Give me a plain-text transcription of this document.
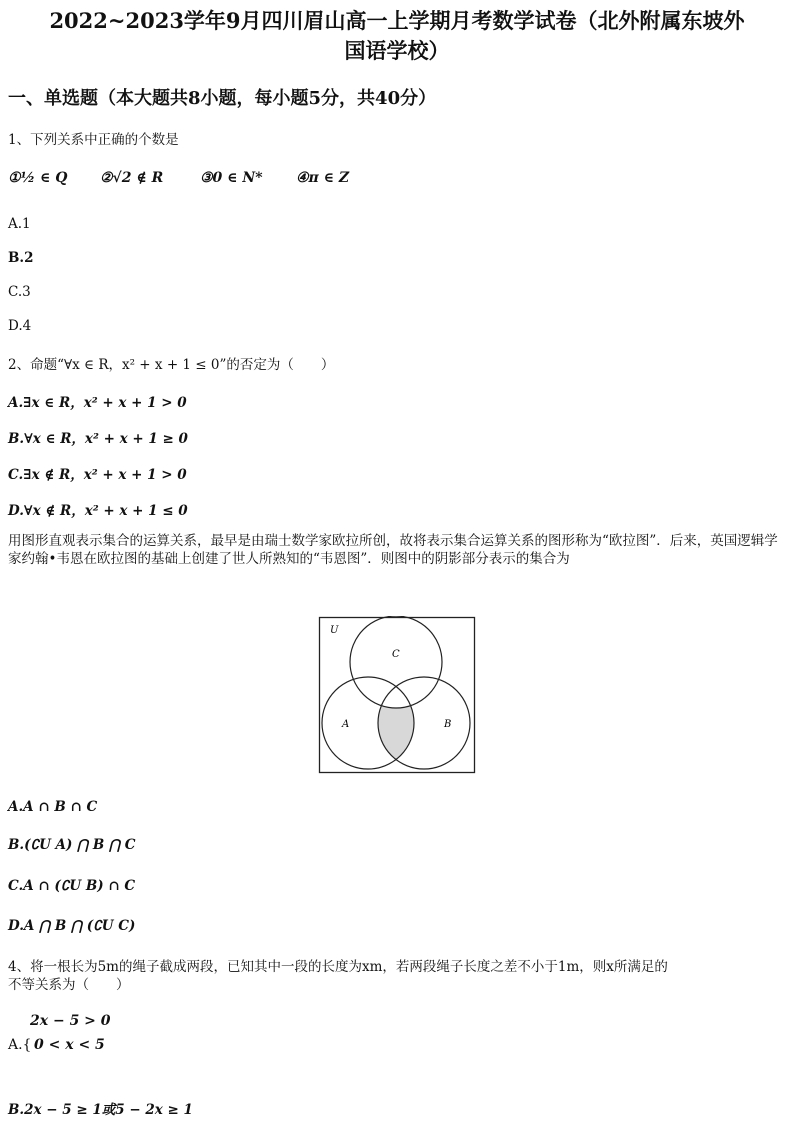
2022~2023学年9月四川眉山高一上学期月考数学试卷（北外附属东坡外
国语学校）
一、单选题（本大题共8小题，每小题5分，共40分）
1、下列关系中正确的个数是
①½ ∈ Q ②√2 ∉ R	③0 ∈ N* ④π ∈ Z
A.1
B.2
C.3
D.4
2、命题“∀x ∈ R，x² + x + 1 ≤ 0”的否定为（　　）
A.∃x ∈ R，x² + x + 1 > 0
B.∀x ∈ R，x² + x + 1 ≥ 0
C.∃x ∉ R，x² + x + 1 > 0
D.∀x ∉ R，x² + x + 1 ≤ 0
用图形直观表示集合的运算关系，最早是由瑞士数学家欧拉所创，故将表示集合运算关系的图形称为“欧拉图”．后来，英国逻辑学家约翰•韦恩在欧拉图的基础上创建了世人所熟知的“韦恩图”．则图中的阴影部分表示的集合为
U
C
A	B
A.A ∩ B ∩ C
B.(∁U A) ⋂ B ⋂ C
C.A ∩ (∁U B) ∩ C
D.A ⋂ B ⋂ (∁U C)
4、将一根长为5m的绳子截成两段，已知其中一段的长度为xm，若两段绳子长度之差不小于1m，则x所满足的
不等关系为（　　）
2x − 5 > 0
A.{ 0 < x < 5
B.2x − 5 ≥ 1或5 − 2x ≥ 1
